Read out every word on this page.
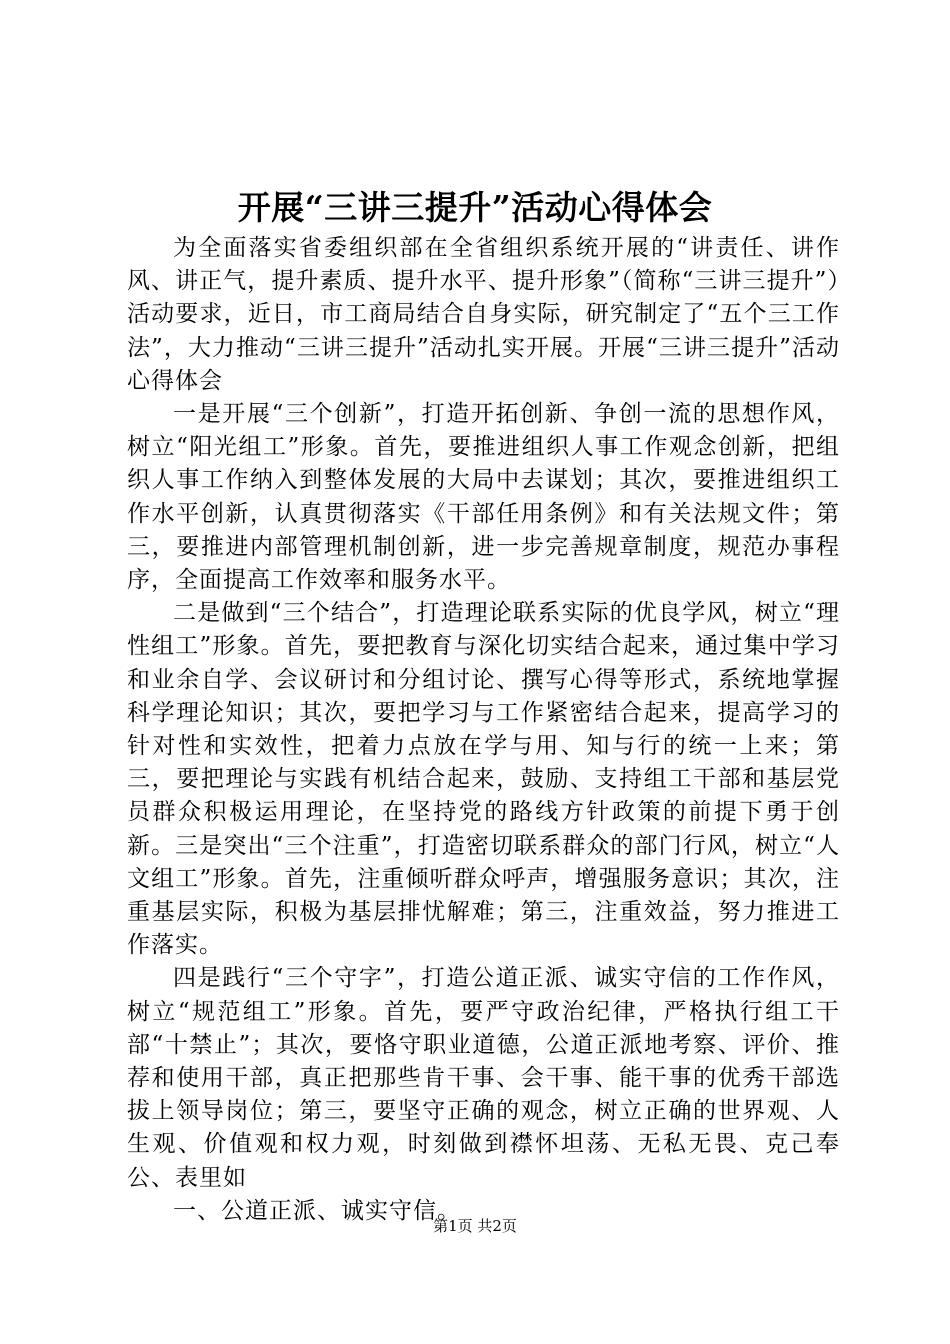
开展“三讲三提升”活动心得体会

为全面落实省委组织部在全省组织系统开展的“讲责任、讲作风、讲正气，提升素质、提升水平、提升形象”（简称“三讲三提升”）活动要求，近日，市工商局结合自身实际，研究制定了“五个三工作法”，大力推动“三讲三提升”活动扎实开展。开展“三讲三提升”活动心得体会

一是开展“三个创新”，打造开拓创新、争创一流的思想作风，树立“阳光组工”形象。首先，要推进组织人事工作观念创新，把组织人事工作纳入到整体发展的大局中去谋划；其次，要推进组织工作水平创新，认真贯彻落实《干部任用条例》和有关法规文件；第三，要推进内部管理机制创新，进一步完善规章制度，规范办事程序，全面提高工作效率和服务水平。

二是做到“三个结合”，打造理论联系实际的优良学风，树立“理性组工”形象。首先，要把教育与深化切实结合起来，通过集中学习和业余自学、会议研讨和分组讨论、撰写心得等形式，系统地掌握科学理论知识；其次，要把学习与工作紧密结合起来，提高学习的针对性和实效性，把着力点放在学与用、知与行的统一上来；第三，要把理论与实践有机结合起来，鼓励、支持组工干部和基层党员群众积极运用理论，在坚持党的路线方针政策的前提下勇于创新。三是突出“三个注重”，打造密切联系群众的部门行风，树立“人文组工”形象。首先，注重倾听群众呼声，增强服务意识；其次，注重基层实际，积极为基层排忧解难；第三，注重效益，努力推进工作落实。

四是践行“三个守字”，打造公道正派、诚实守信的工作作风，树立“规范组工”形象。首先，要严守政治纪律，严格执行组工干部“十禁止”；其次，要恪守职业道德，公道正派地考察、评价、推荐和使用干部，真正把那些肯干事、会干事、能干事的优秀干部选拔上领导岗位；第三，要坚守正确的观念，树立正确的世界观、人生观、价值观和权力观，时刻做到襟怀坦荡、无私无畏、克己奉公、表里如

一、公道正派、诚实守信。

第1页 共2页
